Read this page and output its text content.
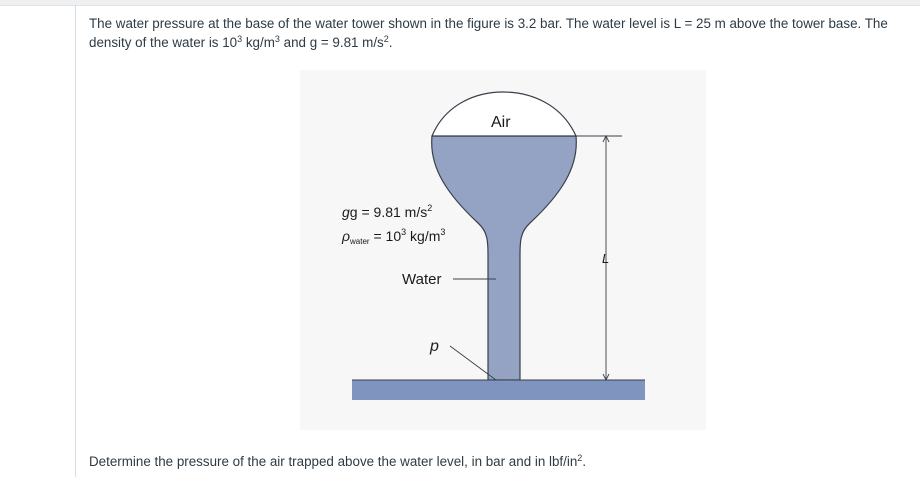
The water pressure at the base of the water tower shown in the figure is 3.2 bar. The water level is L = 25 m above the tower base. The

density of the water is $10^3$ $kg/m^3$ and g = 9.81 $m/s^2$.

L
Air
gg = 9.81 $m/s^2$
$\rho_{water} = 10^3$ $kg/m^3$
Water
p
Determine the pressure of the air trapped above the water level, in bar and in lbf/$in^2$.
